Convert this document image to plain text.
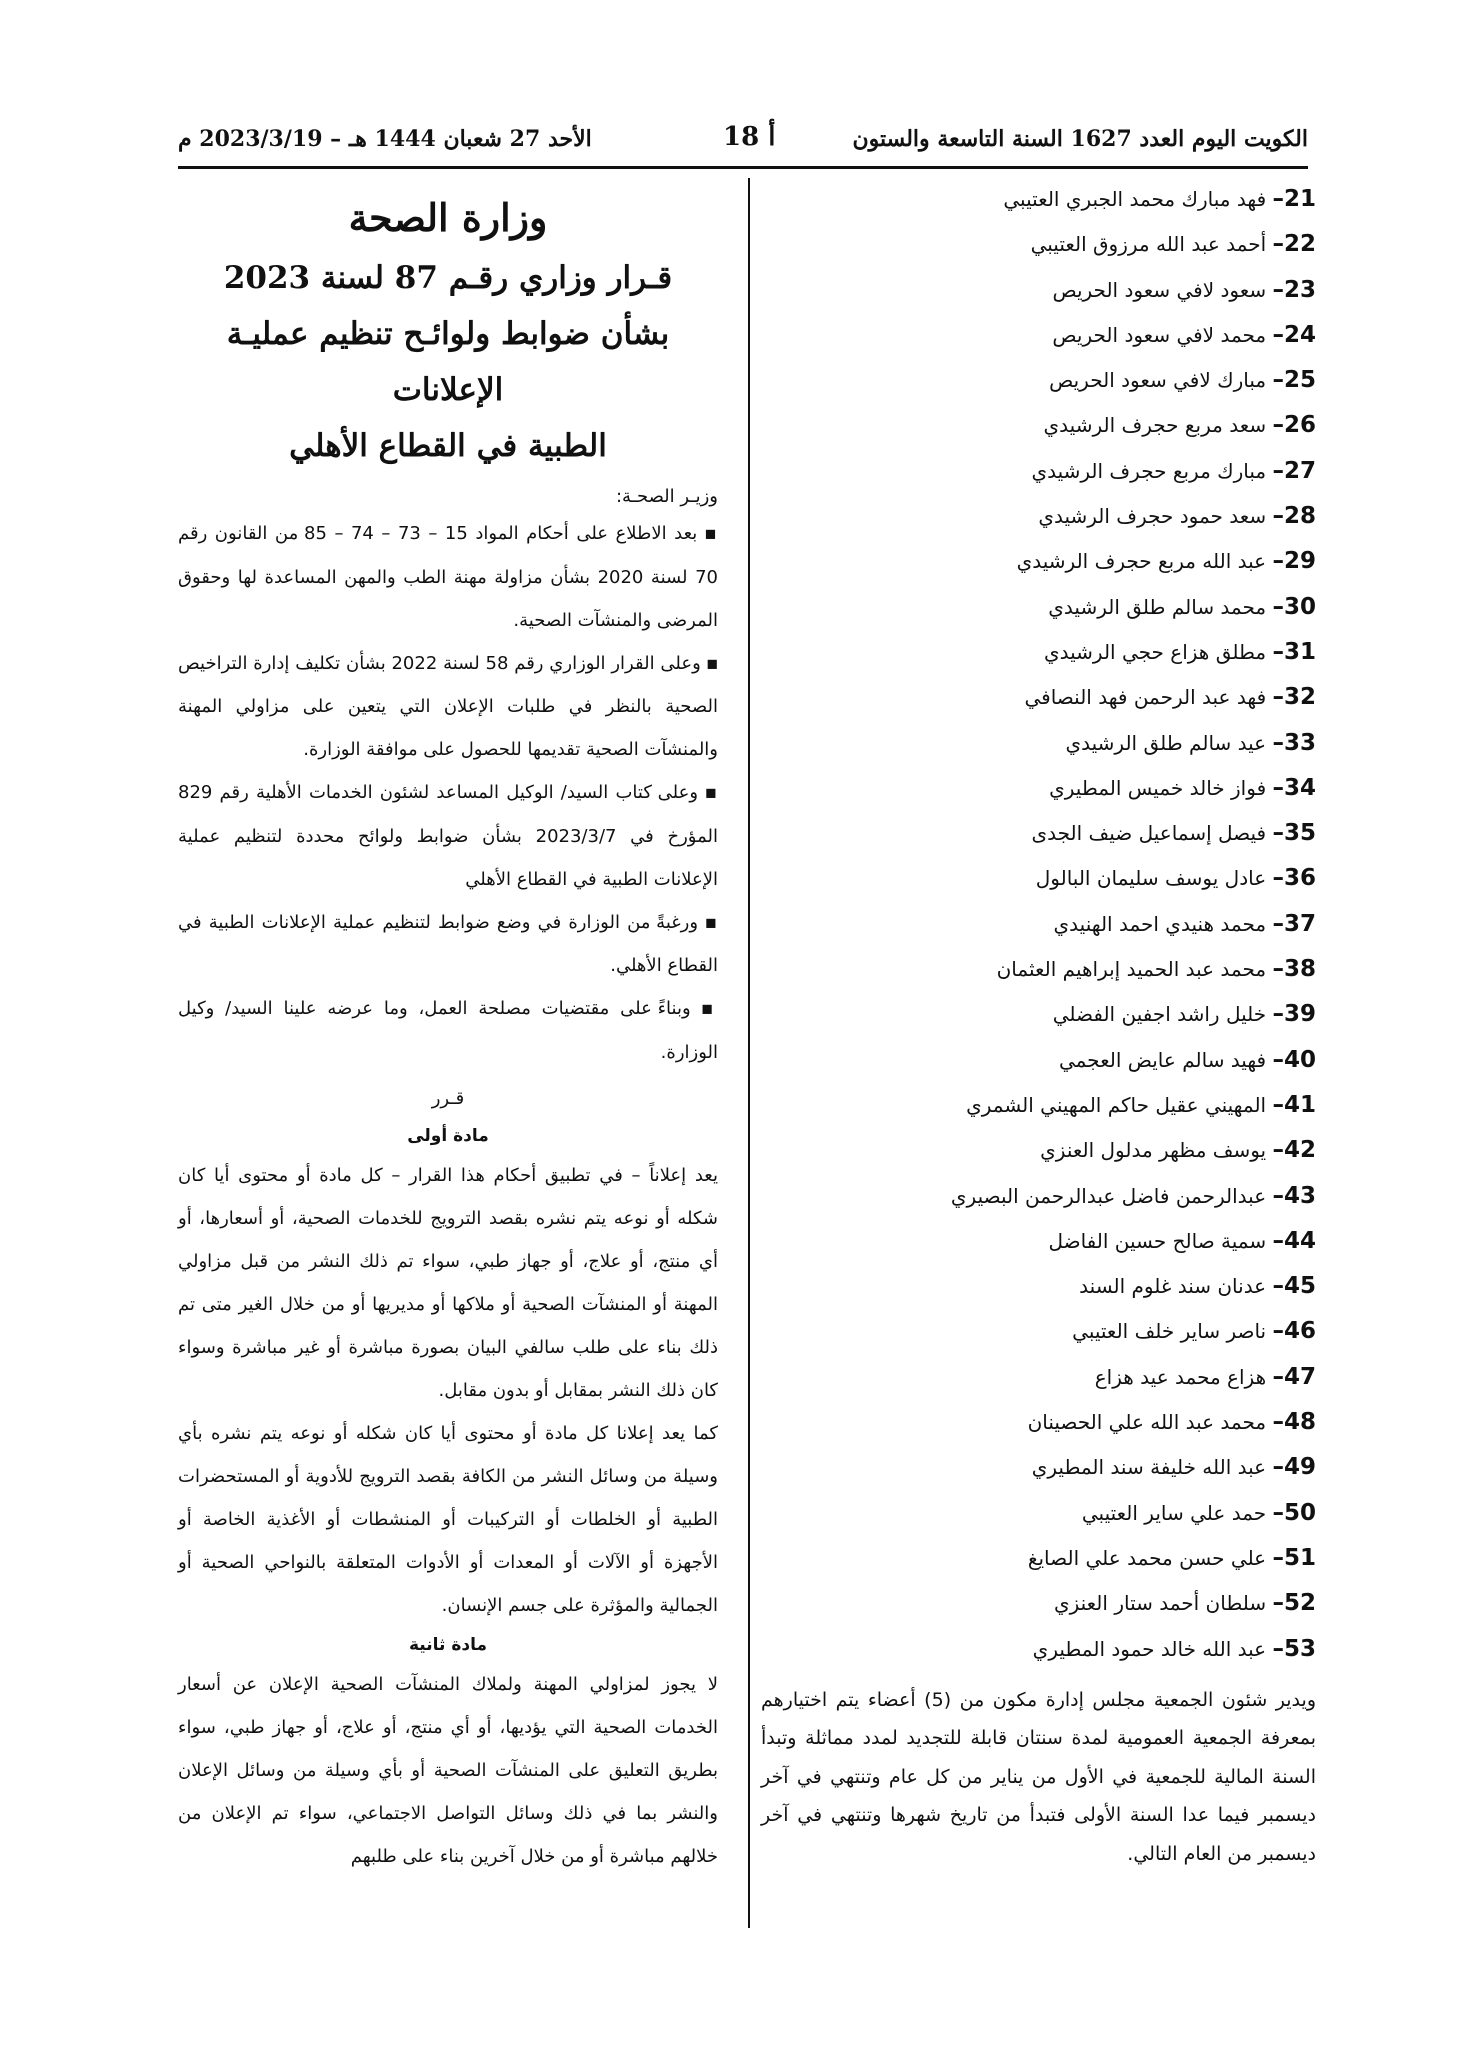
الكويت اليوم العدد 1627 السنة التاسعة والستون
أ 18
الأحد 27 شعبان 1444 هـ – 2023/3/19 م
21– فهد مبارك محمد الجبري العتيبي
22– أحمد عبد الله مرزوق العتيبي
23– سعود لافي سعود الحريص
24– محمد لافي سعود الحريص
25– مبارك لافي سعود الحريص
26– سعد مربع حجرف الرشيدي
27– مبارك مربع حجرف الرشيدي
28– سعد حمود حجرف الرشيدي
29– عبد الله مربع حجرف الرشيدي
30– محمد سالم طلق الرشيدي
31– مطلق هزاع حجي الرشيدي
32– فهد عبد الرحمن فهد النصافي
33– عيد سالم طلق الرشيدي
34– فواز خالد خميس المطيري
35– فيصل إسماعيل ضيف الجدى
36– عادل يوسف سليمان البالول
37– محمد هنيدي احمد الهنيدي
38– محمد عبد الحميد إبراهيم العثمان
39– خليل راشد اجفين الفضلي
40– فهيد سالم عايض العجمي
41– المهيني عقيل حاكم المهيني الشمري
42– يوسف مظهر مدلول العنزي
43– عبدالرحمن فاضل عبدالرحمن البصيري
44– سمية صالح حسين الفاضل
45– عدنان سند غلوم السند
46– ناصر ساير خلف العتيبي
47– هزاع محمد عيد هزاع
48– محمد عبد الله علي الحصينان
49– عبد الله خليفة سند المطيري
50– حمد علي ساير العتيبي
51– علي حسن محمد علي الصايغ
52– سلطان أحمد ستار العنزي
53– عبد الله خالد حمود المطيري

ويدير شئون الجمعية مجلس إدارة مكون من (5) أعضاء يتم اختيارهم بمعرفة الجمعية العمومية لمدة سنتان قابلة للتجديد لمدد مماثلة وتبدأ السنة المالية للجمعية في الأول من يناير من كل عام وتنتهي في آخر ديسمبر فيما عدا السنة الأولى فتبدأ من تاريخ شهرها وتنتهي في آخر ديسمبر من العام التالي.

وزارة الصحة
قـرار وزاري رقـم 87 لسنة 2023
بشأن ضوابط ولوائـح تنظيم عمليـة الإعلانات
الطبية في القطاع الأهلي
وزيـر الصحـة:

■ بعد الاطلاع على أحكام المواد 15 – 73 – 74 – 85 من القانون رقم 70 لسنة 2020 بشأن مزاولة مهنة الطب والمهن المساعدة لها وحقوق المرضى والمنشآت الصحية.

■ وعلى القرار الوزاري رقم 58 لسنة 2022 بشأن تكليف إدارة التراخيص الصحية بالنظر في طلبات الإعلان التي يتعين على مزاولي المهنة والمنشآت الصحية تقديمها للحصول على موافقة الوزارة.

■ وعلى كتاب السيد/ الوكيل المساعد لشئون الخدمات الأهلية رقم 829 المؤرخ في 2023/3/7 بشأن ضوابط ولوائح محددة لتنظيم عملية الإعلانات الطبية في القطاع الأهلي

■ ورغبةً من الوزارة في وضع ضوابط لتنظيم عملية الإعلانات الطبية في القطاع الأهلي.

■ وبناءً على مقتضيات مصلحة العمل، وما عرضه علينا السيد/ وكيل الوزارة.

قـرر
مادة أولى

يعد إعلاناً – في تطبيق أحكام هذا القرار – كل مادة أو محتوى أيا كان شكله أو نوعه يتم نشره بقصد الترويج للخدمات الصحية، أو أسعارها، أو أي منتج، أو علاج، أو جهاز طبي، سواء تم ذلك النشر من قبل مزاولي المهنة أو المنشآت الصحية أو ملاكها أو مديريها أو من خلال الغير متى تم ذلك بناء على طلب سالفي البيان بصورة مباشرة أو غير مباشرة وسواء كان ذلك النشر بمقابل أو بدون مقابل.

كما يعد إعلانا كل مادة أو محتوى أيا كان شكله أو نوعه يتم نشره بأي وسيلة من وسائل النشر من الكافة بقصد الترويج للأدوية أو المستحضرات الطبية أو الخلطات أو التركيبات أو المنشطات أو الأغذية الخاصة أو الأجهزة أو الآلات أو المعدات أو الأدوات المتعلقة بالنواحي الصحية أو الجمالية والمؤثرة على جسم الإنسان.

مادة ثانية

لا يجوز لمزاولي المهنة ولملاك المنشآت الصحية الإعلان عن أسعار الخدمات الصحية التي يؤديها، أو أي منتج، أو علاج، أو جهاز طبي، سواء بطريق التعليق على المنشآت الصحية أو بأي وسيلة من وسائل الإعلان والنشر بما في ذلك وسائل التواصل الاجتماعي، سواء تم الإعلان من خلالهم مباشرة أو من خلال آخرين بناء على طلبهم
